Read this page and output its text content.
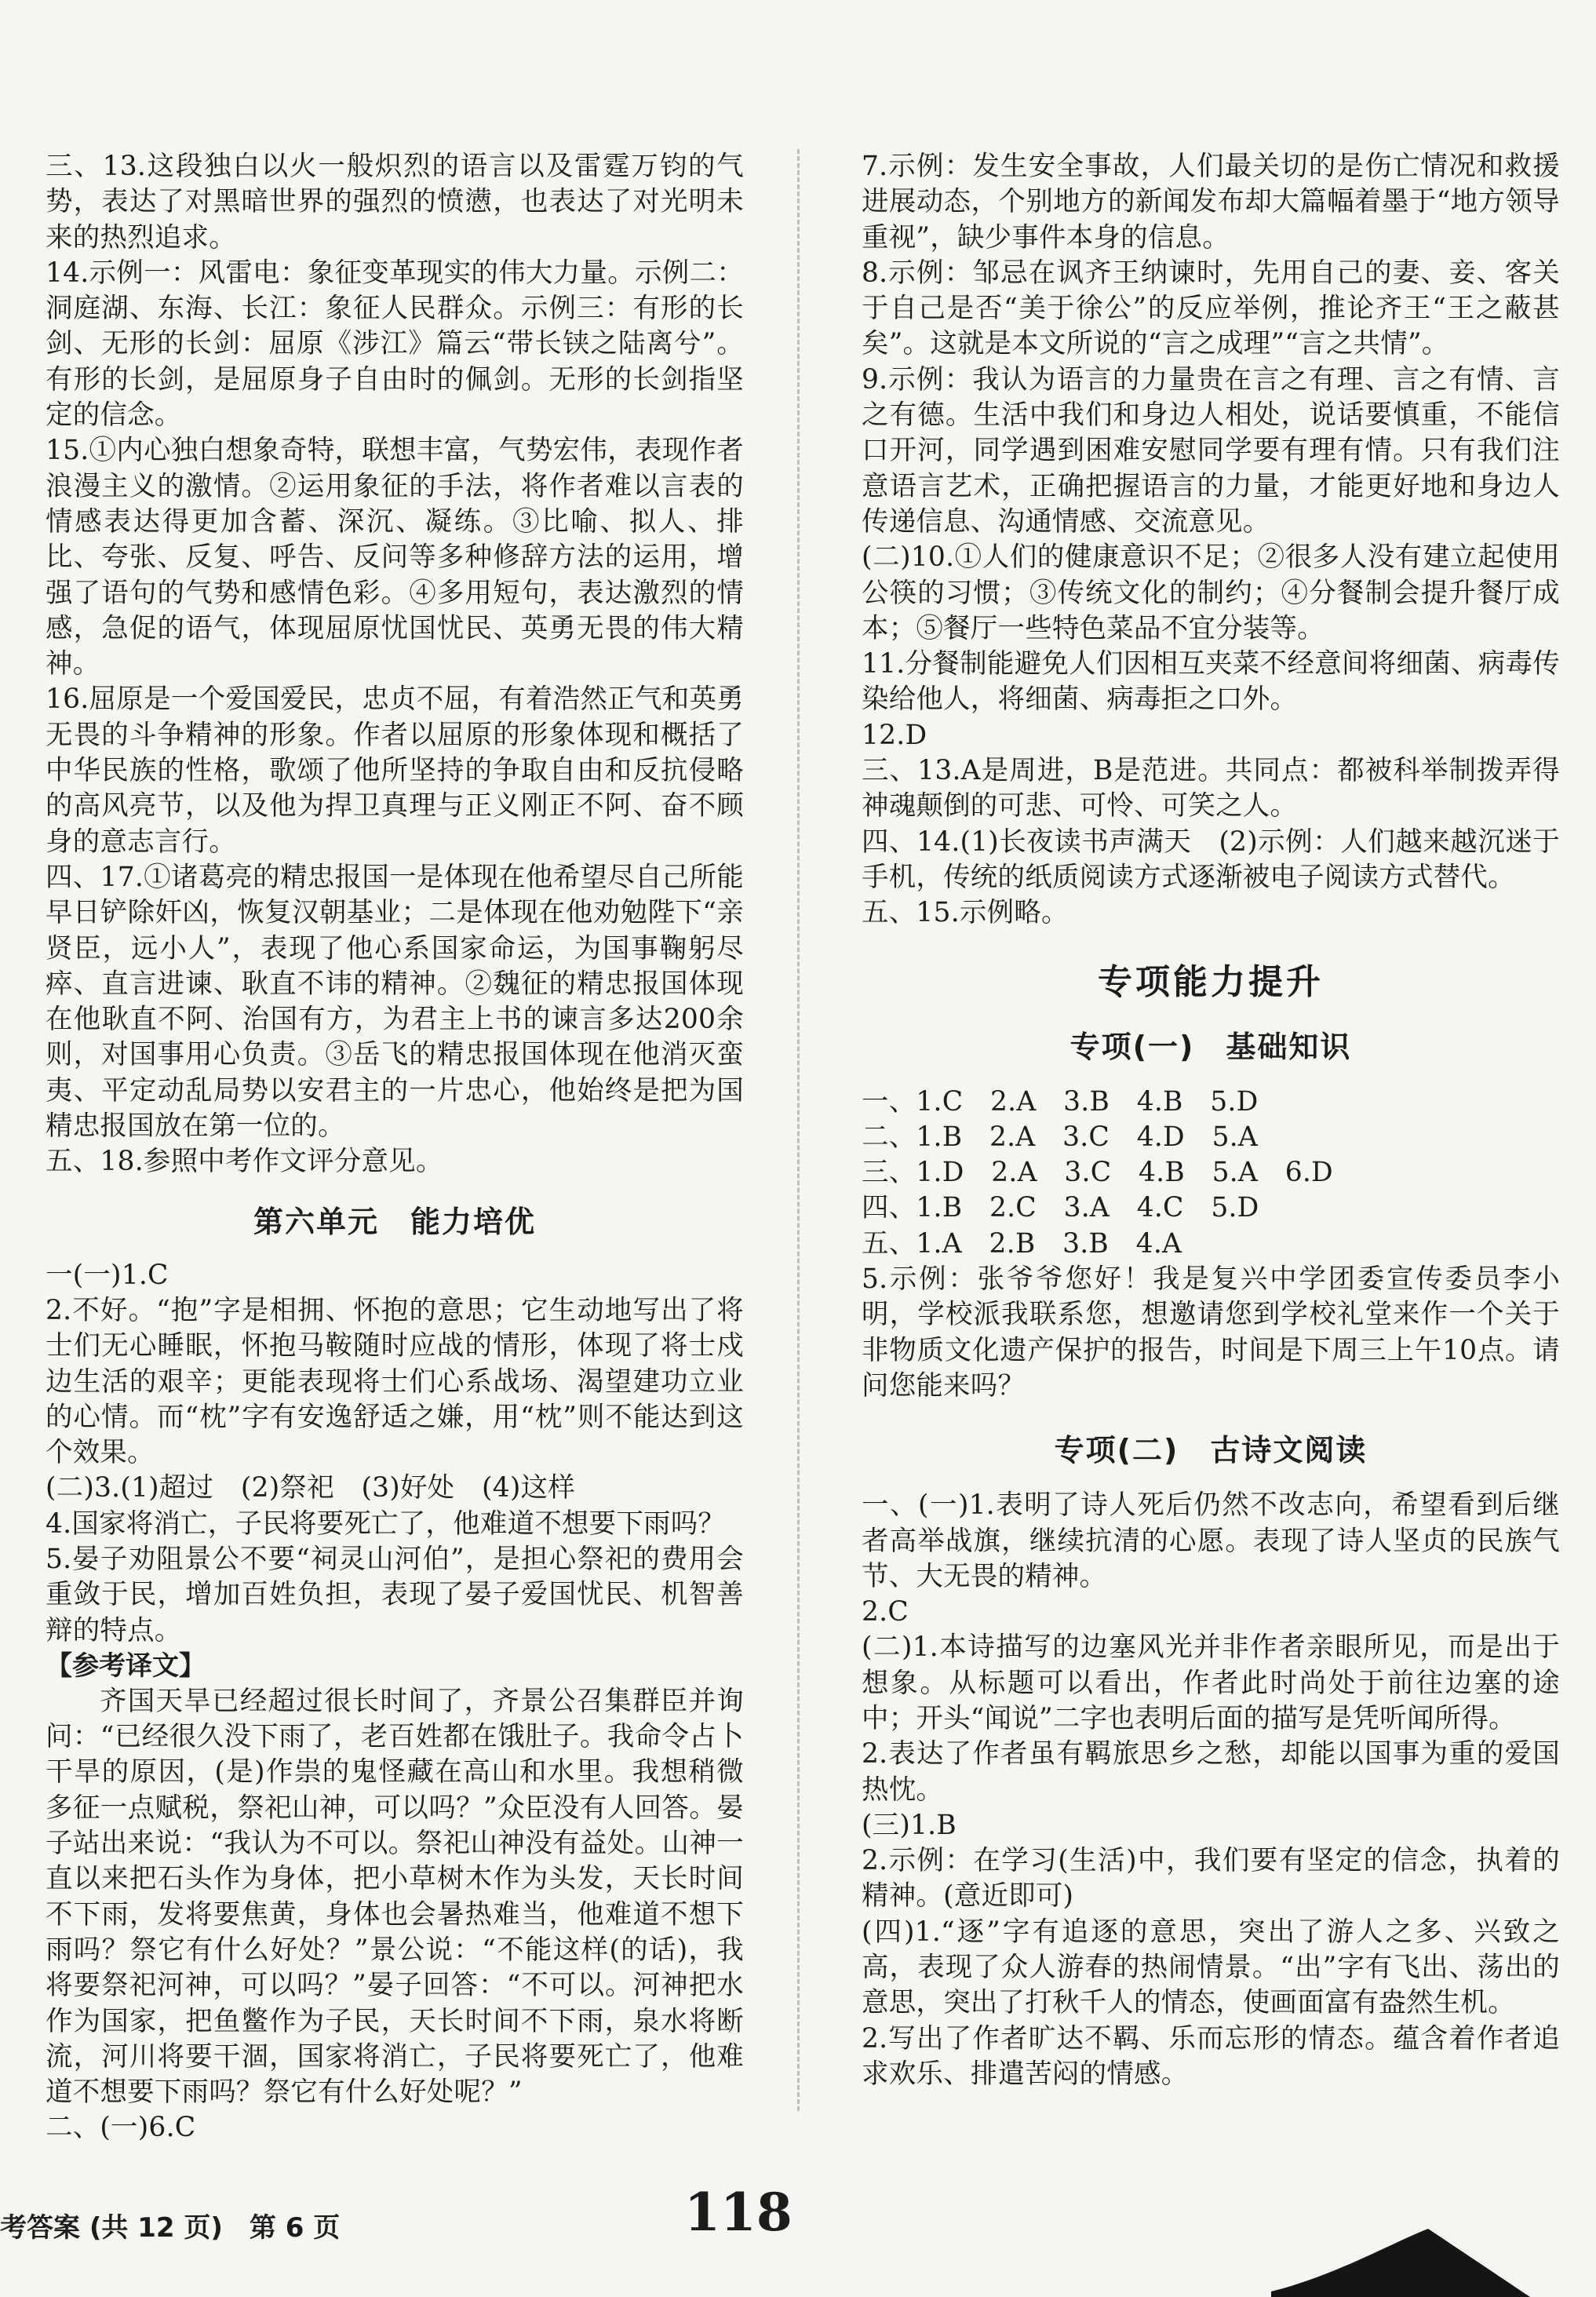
三、13.这段独白以火一般炽烈的语言以及雷霆万钧的气势，表达了对黑暗世界的强烈的愤懑，也表达了对光明未来的热烈追求。

14.示例一：风雷电：象征变革现实的伟大力量。示例二：洞庭湖、东海、长江：象征人民群众。示例三：有形的长剑、无形的长剑：屈原《涉江》篇云“带长铗之陆离兮”。有形的长剑，是屈原身子自由时的佩剑。无形的长剑指坚定的信念。

15.①内心独白想象奇特，联想丰富，气势宏伟，表现作者浪漫主义的激情。②运用象征的手法，将作者难以言表的情感表达得更加含蓄、深沉、凝练。③比喻、拟人、排比、夸张、反复、呼告、反问等多种修辞方法的运用，增强了语句的气势和感情色彩。④多用短句，表达激烈的情感，急促的语气，体现屈原忧国忧民、英勇无畏的伟大精神。

16.屈原是一个爱国爱民，忠贞不屈，有着浩然正气和英勇无畏的斗争精神的形象。作者以屈原的形象体现和概括了中华民族的性格，歌颂了他所坚持的争取自由和反抗侵略的高风亮节，以及他为捍卫真理与正义刚正不阿、奋不顾身的意志言行。

四、17.①诸葛亮的精忠报国一是体现在他希望尽自己所能早日铲除奸凶，恢复汉朝基业；二是体现在他劝勉陛下“亲贤臣，远小人”，表现了他心系国家命运，为国事鞠躬尽瘁、直言进谏、耿直不讳的精神。②魏征的精忠报国体现在他耿直不阿、治国有方，为君主上书的谏言多达200余则，对国事用心负责。③岳飞的精忠报国体现在他消灭蛮夷、平定动乱局势以安君主的一片忠心，他始终是把为国精忠报国放在第一位的。

五、18.参照中考作文评分意见。

第六单元　能力培优

一(一)1.C

2.不好。“抱”字是相拥、怀抱的意思；它生动地写出了将士们无心睡眠，怀抱马鞍随时应战的情形，体现了将士戍边生活的艰辛；更能表现将士们心系战场、渴望建功立业的心情。而“枕”字有安逸舒适之嫌，用“枕”则不能达到这个效果。

(二)3.(1)超过　(2)祭祀　(3)好处　(4)这样

4.国家将消亡，子民将要死亡了，他难道不想要下雨吗？

5.晏子劝阻景公不要“祠灵山河伯”，是担心祭祀的费用会重敛于民，增加百姓负担，表现了晏子爱国忧民、机智善辩的特点。

【参考译文】

齐国天旱已经超过很长时间了，齐景公召集群臣并询问：“已经很久没下雨了，老百姓都在饿肚子。我命令占卜干旱的原因，(是)作祟的鬼怪藏在高山和水里。我想稍微多征一点赋税，祭祀山神，可以吗？”众臣没有人回答。晏子站出来说：“我认为不可以。祭祀山神没有益处。山神一直以来把石头作为身体，把小草树木作为头发，天长时间不下雨，发将要焦黄，身体也会暑热难当，他难道不想下雨吗？祭它有什么好处？”景公说：“不能这样(的话)，我将要祭祀河神，可以吗？”晏子回答：“不可以。河神把水作为国家，把鱼鳖作为子民，天长时间不下雨，泉水将断流，河川将要干涸，国家将消亡，子民将要死亡了，他难道不想要下雨吗？祭它有什么好处呢？”

二、(一)6.C

7.示例：发生安全事故，人们最关切的是伤亡情况和救援进展动态，个别地方的新闻发布却大篇幅着墨于“地方领导重视”，缺少事件本身的信息。

8.示例：邹忌在讽齐王纳谏时，先用自己的妻、妾、客关于自己是否“美于徐公”的反应举例，推论齐王“王之蔽甚矣”。这就是本文所说的“言之成理”“言之共情”。

9.示例：我认为语言的力量贵在言之有理、言之有情、言之有德。生活中我们和身边人相处，说话要慎重，不能信口开河，同学遇到困难安慰同学要有理有情。只有我们注意语言艺术，正确把握语言的力量，才能更好地和身边人传递信息、沟通情感、交流意见。

(二)10.①人们的健康意识不足；②很多人没有建立起使用公筷的习惯；③传统文化的制约；④分餐制会提升餐厅成本；⑤餐厅一些特色菜品不宜分装等。

11.分餐制能避免人们因相互夹菜不经意间将细菌、病毒传染给他人，将细菌、病毒拒之口外。

12.D

三、13.A是周进，B是范进。共同点：都被科举制拨弄得神魂颠倒的可悲、可怜、可笑之人。

四、14.(1)长夜读书声满天　(2)示例：人们越来越沉迷于手机，传统的纸质阅读方式逐渐被电子阅读方式替代。

五、15.示例略。

专项能力提升
专项(一)　基础知识

一、1.C　2.A　3.B　4.B　5.D

二、1.B　2.A　3.C　4.D　5.A

三、1.D　2.A　3.C　4.B　5.A　6.D

四、1.B　2.C　3.A　4.C　5.D

五、1.A　2.B　3.B　4.A

5.示例：张爷爷您好！我是复兴中学团委宣传委员李小明，学校派我联系您，想邀请您到学校礼堂来作一个关于非物质文化遗产保护的报告，时间是下周三上午10点。请问您能来吗？

专项(二)　古诗文阅读

一、(一)1.表明了诗人死后仍然不改志向，希望看到后继者高举战旗，继续抗清的心愿。表现了诗人坚贞的民族气节、大无畏的精神。

2.C

(二)1.本诗描写的边塞风光并非作者亲眼所见，而是出于想象。从标题可以看出，作者此时尚处于前往边塞的途中；开头“闻说”二字也表明后面的描写是凭听闻所得。

2.表达了作者虽有羁旅思乡之愁，却能以国事为重的爱国热忱。

(三)1.B

2.示例：在学习(生活)中，我们要有坚定的信念，执着的精神。(意近即可)

(四)1.“逐”字有追逐的意思，突出了游人之多、兴致之高，表现了众人游春的热闹情景。“出”字有飞出、荡出的意思，突出了打秋千人的情态，使画面富有盎然生机。

2.写出了作者旷达不羁、乐而忘形的情态。蕴含着作者追求欢乐、排遣苦闷的情感。

考答案 (共 12 页)　第 6 页	118
